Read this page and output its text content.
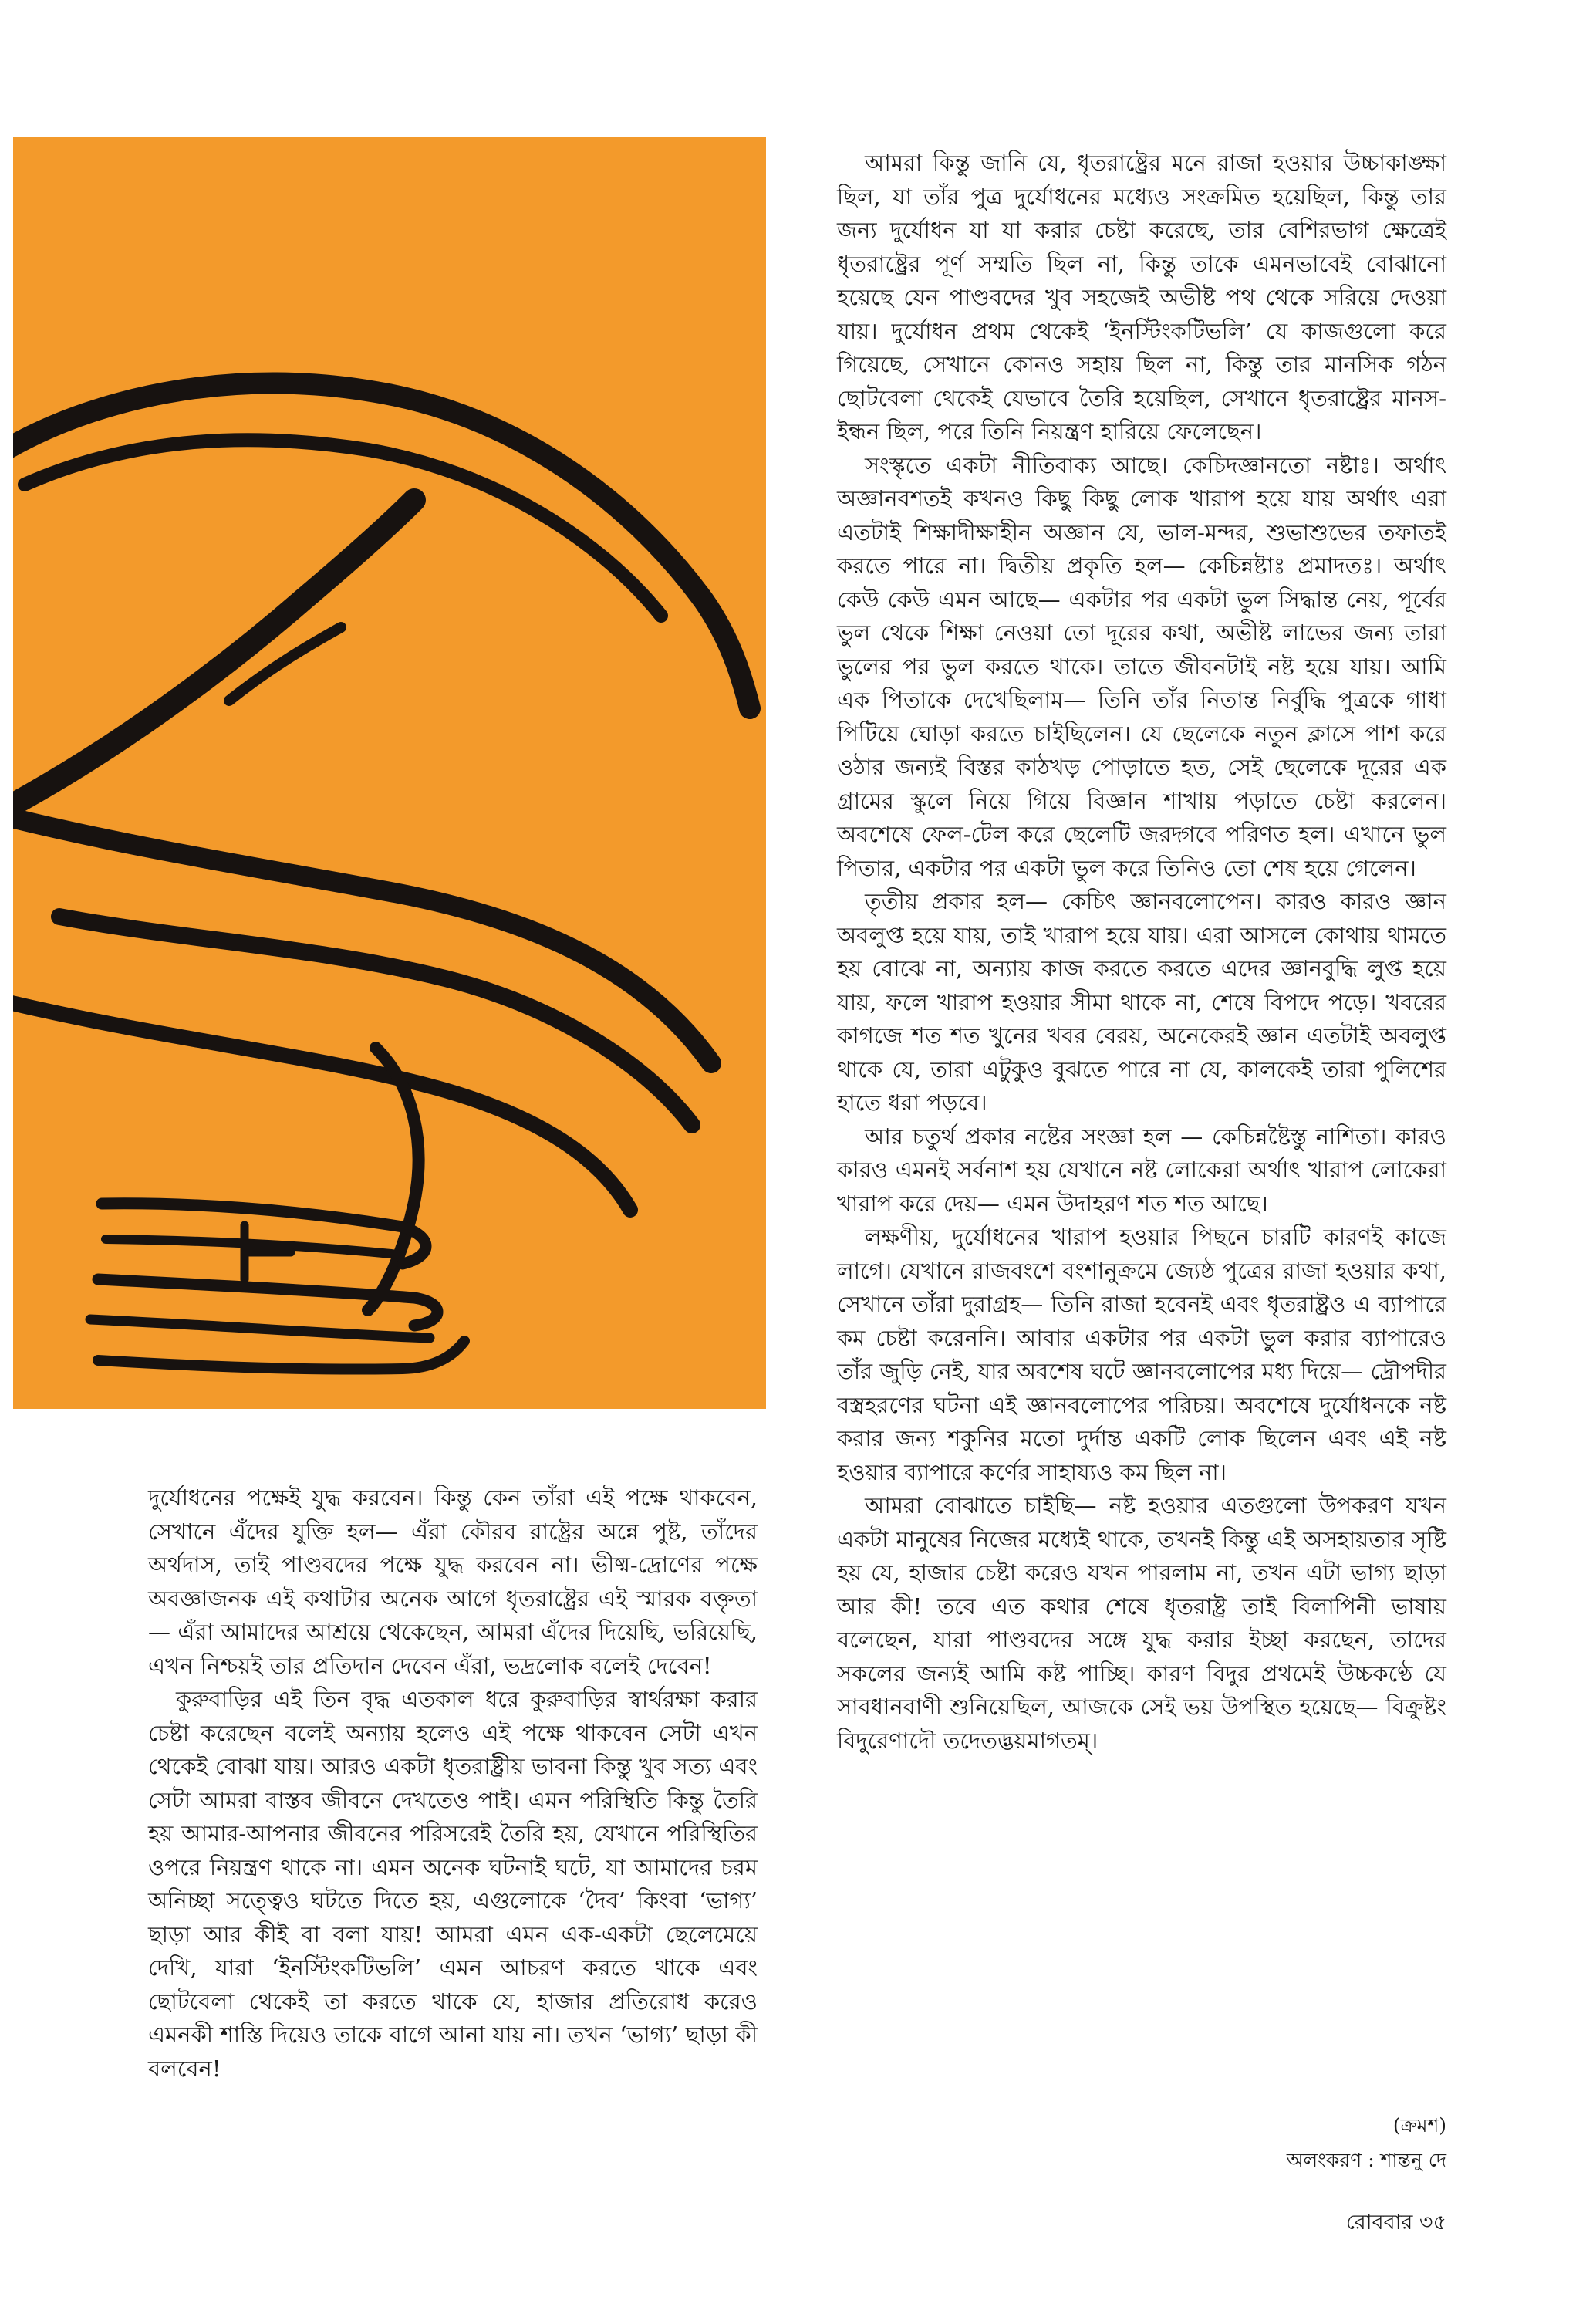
দুর্যোধনের পক্ষেই যুদ্ধ করবেন। কিন্তু কেন তাঁরা এই পক্ষে থাকবেন, সেখানে এঁদের যুক্তি হল— এঁরা কৌরব রাষ্ট্রের অন্নে পুষ্ট, তাঁদের অর্থদাস, তাই পাণ্ডবদের পক্ষে যুদ্ধ করবেন না। ভীষ্ম-দ্রোণের পক্ষে অবজ্ঞাজনক এই কথাটার অনেক আগে ধৃতরাষ্ট্রের এই স্মারক বক্তৃতা— এঁরা আমাদের আশ্রয়ে থেকেছেন, আমরা এঁদের দিয়েছি, ভরিয়েছি, এখন নিশ্চয়ই তার প্রতিদান দেবেন এঁরা, ভদ্রলোক বলেই দেবেন!

কুরুবাড়ির এই তিন বৃদ্ধ এতকাল ধরে কুরুবাড়ির স্বার্থরক্ষা করার চেষ্টা করেছেন বলেই অন্যায় হলেও এই পক্ষে থাকবেন সেটা এখন থেকেই বোঝা যায়। আরও একটা ধৃতরাষ্ট্রীয় ভাবনা কিন্তু খুব সত্য এবং সেটা আমরা বাস্তব জীবনে দেখতেও পাই। এমন পরিস্থিতি কিন্তু তৈরি হয় আমার-আপনার জীবনের পরিসরেই তৈরি হয়, যেখানে পরিস্থিতির ওপরে নিয়ন্ত্রণ থাকে না। এমন অনেক ঘটনাই ঘটে, যা আমাদের চরম অনিচ্ছা সত্ত্বেও ঘটতে দিতে হয়, এগুলোকে ‘দৈব’ কিংবা ‘ভাগ্য’ ছাড়া আর কীই বা বলা যায়! আমরা এমন এক-একটা ছেলেমেয়ে দেখি, যারা ‘ইনস্টিংকটিভলি’ এমন আচরণ করতে থাকে এবং ছোটবেলা থেকেই তা করতে থাকে যে, হাজার প্রতিরোধ করেও এমনকী শাস্তি দিয়েও তাকে বাগে আনা যায় না। তখন ‘ভাগ্য’ ছাড়া কী বলবেন!

আমরা কিন্তু জানি যে, ধৃতরাষ্ট্রের মনে রাজা হওয়ার উচ্চাকাঙ্ক্ষা ছিল, যা তাঁর পুত্র দুর্যোধনের মধ্যেও সংক্রমিত হয়েছিল, কিন্তু তার জন্য দুর্যোধন যা যা করার চেষ্টা করেছে, তার বেশিরভাগ ক্ষেত্রেই ধৃতরাষ্ট্রের পূর্ণ সম্মতি ছিল না, কিন্তু তাকে এমনভাবেই বোঝানো হয়েছে যেন পাণ্ডবদের খুব সহজেই অভীষ্ট পথ থেকে সরিয়ে দেওয়া যায়। দুর্যোধন প্রথম থেকেই ‘ইনস্টিংকটিভলি’ যে কাজগুলো করে গিয়েছে, সেখানে কোনও সহায় ছিল না, কিন্তু তার মানসিক গঠন ছোটবেলা থেকেই যেভাবে তৈরি হয়েছিল, সেখানে ধৃতরাষ্ট্রের মানস-ইন্ধন ছিল, পরে তিনি নিয়ন্ত্রণ হারিয়ে ফেলেছেন।

সংস্কৃতে একটা নীতিবাক্য আছে। কেচিদজ্ঞানতো নষ্টাঃ। অর্থাৎ অজ্ঞানবশতই কখনও কিছু কিছু লোক খারাপ হয়ে যায় অর্থাৎ এরা এতটাই শিক্ষাদীক্ষাহীন অজ্ঞান যে, ভাল-মন্দর, শুভাশুভের তফাতই করতে পারে না। দ্বিতীয় প্রকৃতি হল— কেচিন্নষ্টাঃ প্রমাদতঃ। অর্থাৎ কেউ কেউ এমন আছে— একটার পর একটা ভুল সিদ্ধান্ত নেয়, পূর্বের ভুল থেকে শিক্ষা নেওয়া তো দূরের কথা, অভীষ্ট লাভের জন্য তারা ভুলের পর ভুল করতে থাকে। তাতে জীবনটাই নষ্ট হয়ে যায়। আমি এক পিতাকে দেখেছিলাম— তিনি তাঁর নিতান্ত নির্বুদ্ধি পুত্রকে গাধা পিটিয়ে ঘোড়া করতে চাইছিলেন। যে ছেলেকে নতুন ক্লাসে পাশ করে ওঠার জন্যই বিস্তর কাঠখড় পোড়াতে হত, সেই ছেলেকে দূরের এক গ্রামের স্কুলে নিয়ে গিয়ে বিজ্ঞান শাখায় পড়াতে চেষ্টা করলেন। অবশেষে ফেল-টেল করে ছেলেটি জরদ্গবে পরিণত হল। এখানে ভুল পিতার, একটার পর একটা ভুল করে তিনিও তো শেষ হয়ে গেলেন।

তৃতীয় প্রকার হল— কেচিৎ জ্ঞানবলোপেন। কারও কারও জ্ঞান অবলুপ্ত হয়ে যায়, তাই খারাপ হয়ে যায়। এরা আসলে কোথায় থামতে হয় বোঝে না, অন্যায় কাজ করতে করতে এদের জ্ঞানবুদ্ধি লুপ্ত হয়ে যায়, ফলে খারাপ হওয়ার সীমা থাকে না, শেষে বিপদে পড়ে। খবরের কাগজে শত শত খুনের খবর বেরয়, অনেকেরই জ্ঞান এতটাই অবলুপ্ত থাকে যে, তারা এটুকুও বুঝতে পারে না যে, কালকেই তারা পুলিশের হাতে ধরা পড়বে।

আর চতুর্থ প্রকার নষ্টের সংজ্ঞা হল — কেচিন্নষ্টৈস্তু নাশিতা। কারও কারও এমনই সর্বনাশ হয় যেখানে নষ্ট লোকেরা অর্থাৎ খারাপ লোকেরা খারাপ করে দেয়— এমন উদাহরণ শত শত আছে।

লক্ষণীয়, দুর্যোধনের খারাপ হওয়ার পিছনে চারটি কারণই কাজে লাগে। যেখানে রাজবংশে বংশানুক্রমে জ্যেষ্ঠ পুত্রের রাজা হওয়ার কথা, সেখানে তাঁরা দুরাগ্রহ— তিনি রাজা হবেনই এবং ধৃতরাষ্ট্রও এ ব্যাপারে কম চেষ্টা করেননি। আবার একটার পর একটা ভুল করার ব্যাপারেও তাঁর জুড়ি নেই, যার অবশেষ ঘটে জ্ঞানবলোপের মধ্য দিয়ে— দ্রৌপদীর বস্ত্রহরণের ঘটনা এই জ্ঞানবলোপের পরিচয়। অবশেষে দুর্যোধনকে নষ্ট করার জন্য শকুনির মতো দুর্দান্ত একটি লোক ছিলেন এবং এই নষ্ট হওয়ার ব্যাপারে কর্ণের সাহায্যও কম ছিল না।

আমরা বোঝাতে চাইছি— নষ্ট হওয়ার এতগুলো উপকরণ যখন একটা মানুষের নিজের মধ্যেই থাকে, তখনই কিন্তু এই অসহায়তার সৃষ্টি হয় যে, হাজার চেষ্টা করেও যখন পারলাম না, তখন এটা ভাগ্য ছাড়া আর কী! তবে এত কথার শেষে ধৃতরাষ্ট্র তাই বিলাপিনী ভাষায় বলেছেন, যারা পাণ্ডবদের সঙ্গে যুদ্ধ করার ইচ্ছা করছেন, তাদের সকলের জন্যই আমি কষ্ট পাচ্ছি। কারণ বিদুর প্রথমেই উচ্চকণ্ঠে যে সাবধানবাণী শুনিয়েছিল, আজকে সেই ভয় উপস্থিত হয়েছে— বিক্রুষ্টং বিদুরেণাদৌ তদেতদ্ভয়মাগতম্।

(ক্রমশ)
অলংকরণ : শান্তনু দে
রোববার ৩৫
